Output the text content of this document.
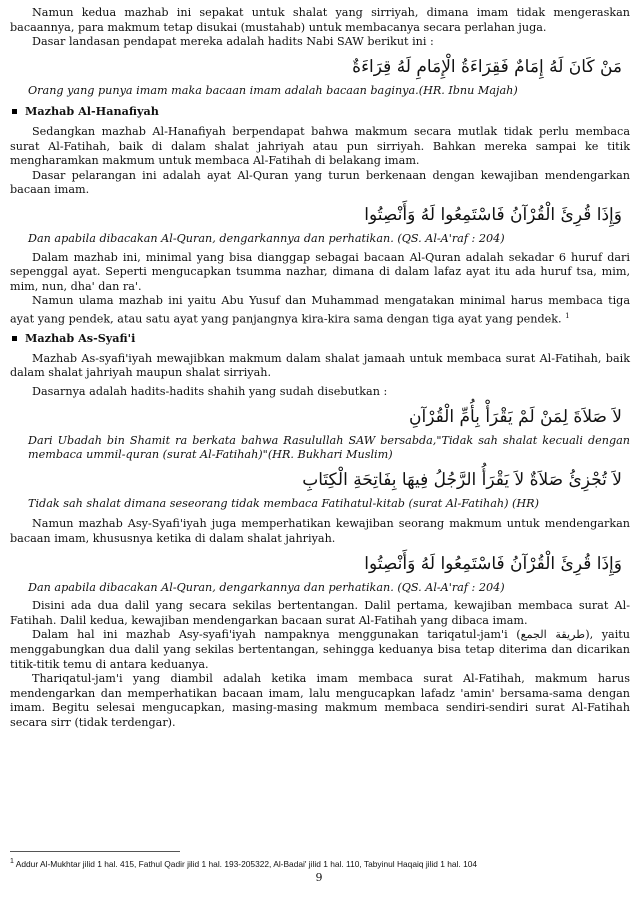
Namun kedua mazhab ini sepakat untuk shalat yang sirriyah, dimana imam tidak mengeraskan bacaannya, para makmum tetap disukai (mustahab) untuk membacanya secara perlahan juga.

Dasar landasan pendapat mereka adalah hadits Nabi SAW berikut ini :

مَنْ كَانَ لَهُ إِمَامٌ فَقِرَاءَةُ الْإِمَامِ لَهُ قِرَاءَةٌ

Orang yang punya imam maka bacaan imam adalah bacaan baginya.(HR. Ibnu Majah)

Mazhab Al-Hanafiyah

Sedangkan mazhab Al-Hanafiyah berpendapat bahwa makmum secara mutlak tidak perlu membaca surat Al-Fatihah, baik di dalam shalat jahriyah atau pun sirriyah. Bahkan mereka sampai ke titik mengharamkan makmum untuk membaca Al-Fatihah di belakang imam.

Dasar pelarangan ini adalah ayat Al-Quran yang turun berkenaan dengan kewajiban mendengarkan bacaan imam.

وَإِذَا قُرِئَ الْقُرْآنُ فَاسْتَمِعُوا لَهُ وَأَنْصِتُوا

Dan apabila dibacakan Al-Quran, dengarkannya dan perhatikan. (QS. Al-A'raf : 204)

Dalam mazhab ini, minimal yang bisa dianggap sebagai bacaan Al-Quran adalah sekadar 6 huruf dari sepenggal ayat. Seperti mengucapkan tsumma nazhar, dimana di dalam lafaz ayat itu ada huruf tsa, mim, mim, nun, dha' dan ra'.

Namun ulama mazhab ini yaitu Abu Yusuf dan Muhammad mengatakan minimal harus membaca tiga ayat yang pendek, atau satu ayat yang panjangnya kira-kira sama dengan tiga ayat yang pendek. $^1$

Mazhab As-Syafi'i

Mazhab As-syafi'iyah mewajibkan makmum dalam shalat jamaah untuk membaca surat Al-Fatihah, baik dalam shalat jahriyah maupun shalat sirriyah.

Dasarnya adalah hadits-hadits shahih yang sudah disebutkan :

لاَ صَلاَةَ لِمَنْ لَمْ يَقْرَأْ بِأُمِّ الْقُرْآنِ

Dari Ubadah bin Shamit ra berkata bahwa Rasulullah SAW bersabda,"Tidak sah shalat kecuali dengan membaca ummil-quran (surat Al-Fatihah)"(HR. Bukhari Muslim)

لاَ تُجْزِئُ صَلاَةٌ لاَ يَقْرَأُ الرَّجُلُ فِيهَا بِفَاتِحَةِ الْكِتَابِ

Tidak sah shalat dimana seseorang tidak membaca Fatihatul-kitab (surat Al-Fatihah) (HR)

Namun mazhab Asy-Syafi'iyah juga memperhatikan kewajiban seorang makmum untuk mendengarkan bacaan imam, khususnya ketika di dalam shalat jahriyah.

وَإِذَا قُرِئَ الْقُرْآنُ فَاسْتَمِعُوا لَهُ وَأَنْصِتُوا

Dan apabila dibacakan Al-Quran, dengarkannya dan perhatikan. (QS. Al-A'raf : 204)

Disini ada dua dalil yang secara sekilas bertentangan. Dalil pertama, kewajiban membaca surat Al-Fatihah. Dalil kedua, kewajiban mendengarkan bacaan surat Al-Fatihah yang dibaca imam.

Dalam hal ini mazhab Asy-syafi'iyah nampaknya menggunakan tariqatul-jam'i (طريقة الجمع), yaitu menggabungkan dua dalil yang sekilas bertentangan, sehingga keduanya bisa tetap diterima dan dicarikan titik-titik temu di antara keduanya.

Thariqatul-jam'i yang diambil adalah ketika imam membaca surat Al-Fatihah, makmum harus mendengarkan dan memperhatikan bacaan imam, lalu mengucapkan lafadz 'amin' bersama-sama dengan imam. Begitu selesai mengucapkan, masing-masing makmum membaca sendiri-sendiri surat Al-Fatihah secara sirr (tidak terdengar).

$^1$ Addur Al-Mukhtar jilid 1 hal. 415, Fathul Qadir jilid 1 hal. 193-205322, Al-Badai' jilid 1 hal. 110, Tabyinul Haqaiq jilid 1 hal. 104
9
